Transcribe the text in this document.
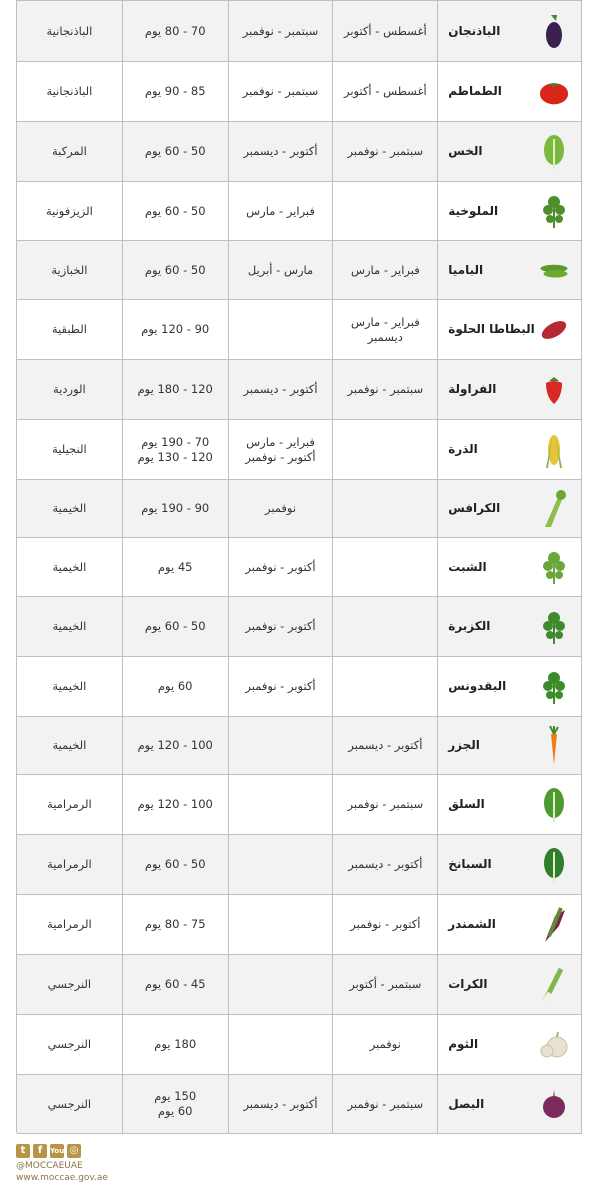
الباذنجان
أغسطس - أكتوبر
سبتمبر - نوفمبر
70 - 80 يوم
الباذنجانية
الطماطم
أغسطس - أكتوبر
سبتمبر - نوفمبر
85 - 90 يوم
الباذنجانية
الخس
سبتمبر - نوفمبر
أكتوبر - ديسمبر
50 - 60 يوم
المركبة
الملوخية
فبراير - مارس
50 - 60 يوم
الزيزفونية
الباميا
فبراير - مارس
مارس - أبريل
50 - 60 يوم
الخبازية
البطاطا الحلوة
فبراير - مارس
ديسمبر
90 - 120 يوم
الطبقية
الفراولة
سبتمبر - نوفمبر
أكتوبر - ديسمبر
120 - 180 يوم
الوردية
الذرة
فبراير - مارس
أكتوبر - نوفمبر
70 - 190 يوم
120 - 130 يوم
النجيلية
الكرافس
نوفمبر
90 - 190 يوم
الخيمية
الشبت
أكتوبر - نوفمبر
45 يوم
الخيمية
الكزبرة
أكتوبر - نوفمبر
50 - 60 يوم
الخيمية
البقدونس
أكتوبر - نوفمبر
60 يوم
الخيمية
الجزر
أكتوبر - ديسمبر
100 - 120 يوم
الخيمية
السلق
سبتمبر - نوفمبر
100 - 120 يوم
الرمرامية
السبانخ
أكتوبر - ديسمبر
50 - 60 يوم
الرمرامية
الشمندر
أكتوبر - نوفمبر
75 - 80 يوم
الرمرامية
الكرات
سبتمبر - أكتوبر
45 - 60 يوم
النرجسي
الثوم
نوفمبر
180 يوم
النرجسي
البصل
سبتمبر - نوفمبر
أكتوبر - ديسمبر
150 يوم
60 يوم
النرجسي
t	f	You ◎
@MOCCAEUAE
www.moccae.gov.ae
